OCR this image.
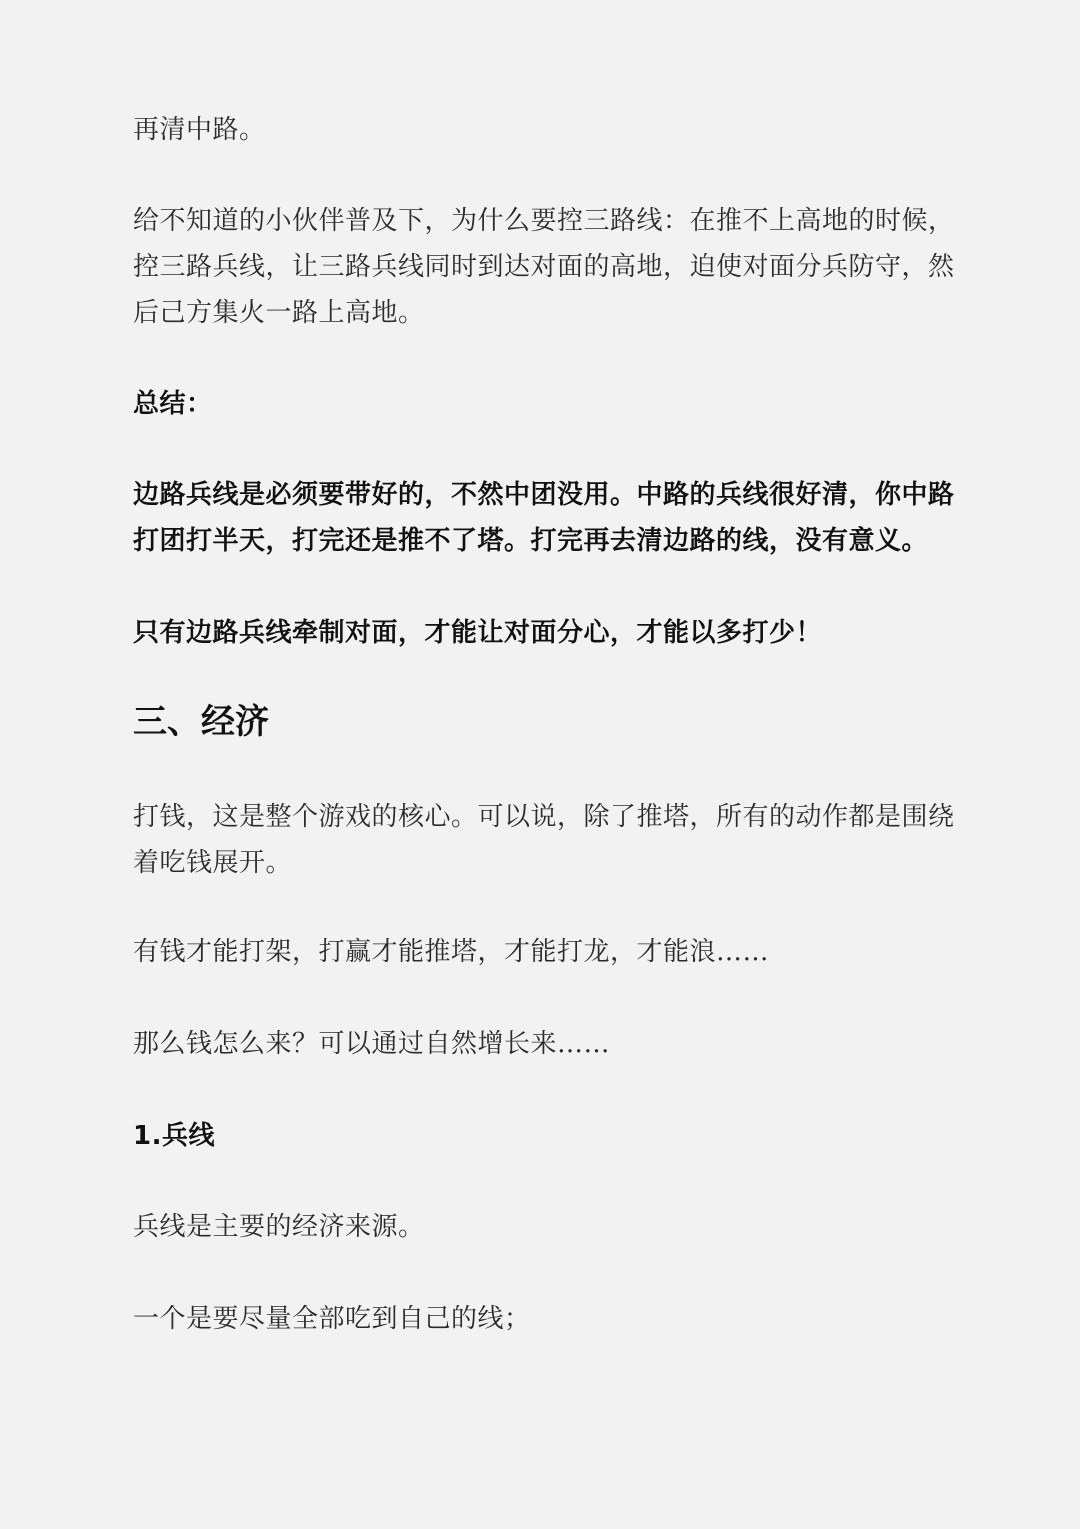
再清中路。

给不知道的小伙伴普及下，为什么要控三路线：在推不上高地的时候，

控三路兵线，让三路兵线同时到达对面的高地，迫使对面分兵防守，然

后己方集火一路上高地。

总结：

边路兵线是必须要带好的，不然中团没用。中路的兵线很好清，你中路

打团打半天，打完还是推不了塔。打完再去清边路的线，没有意义。

只有边路兵线牵制对面，才能让对面分心，才能以多打少！

三、经济

打钱，这是整个游戏的核心。可以说，除了推塔，所有的动作都是围绕

着吃钱展开。

有钱才能打架，打赢才能推塔，才能打龙，才能浪……

那么钱怎么来？可以通过自然增长来……

1.兵线

兵线是主要的经济来源。

一个是要尽量全部吃到自己的线；
